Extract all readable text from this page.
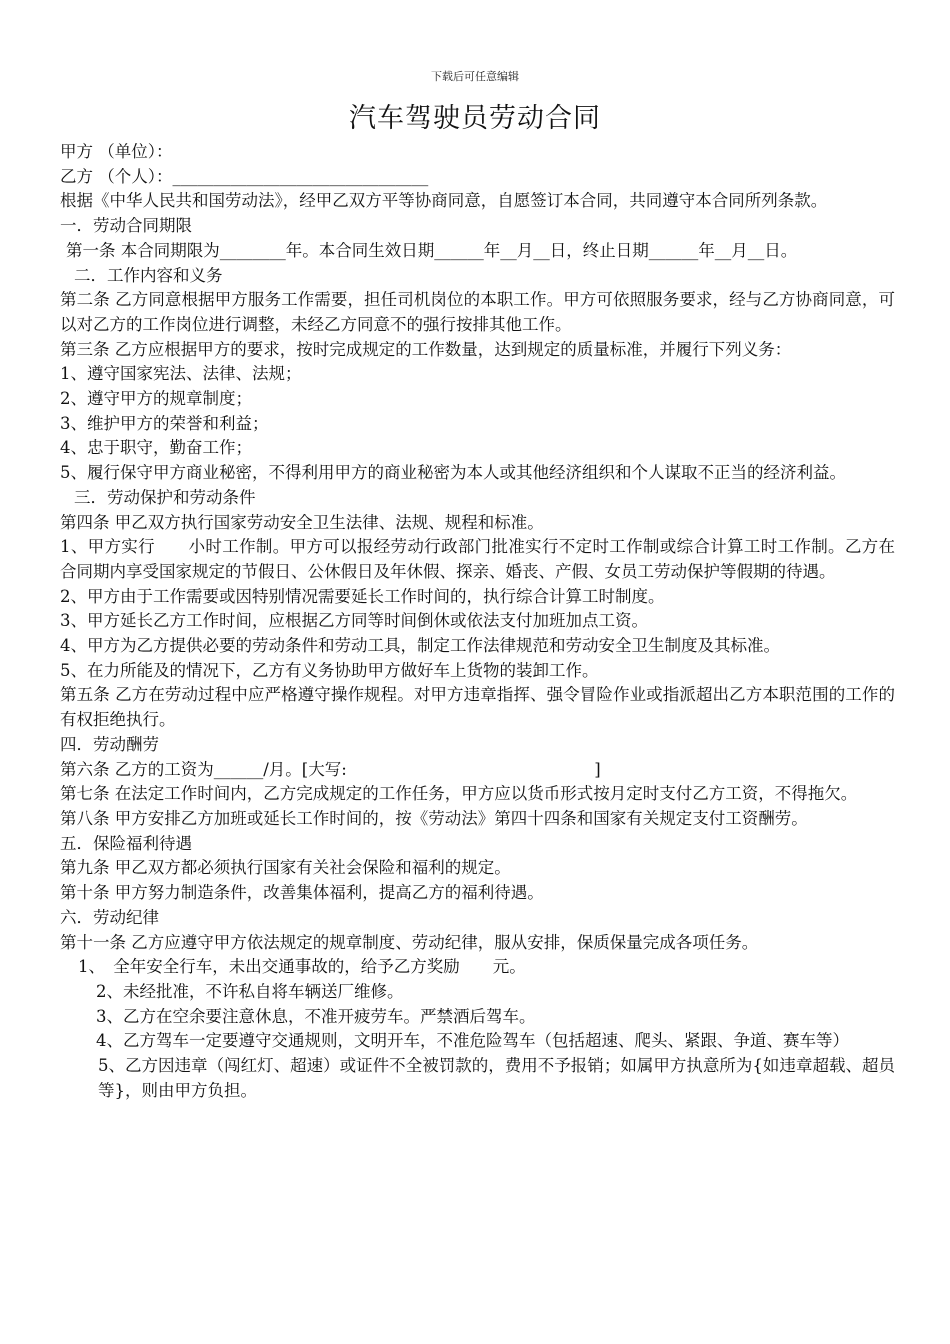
下载后可任意编辑
汽车驾驶员劳动合同
甲方 （单位）：
乙方 （个人）：_______________________________
根据《中华人民共和国劳动法》，经甲乙双方平等协商同意，自愿签订本合同，共同遵守本合同所列条款。
一．劳动合同期限
第一条 本合同期限为________年。本合同生效日期______年__月__日，终止日期______年__月__日。
二．工作内容和义务
第二条 乙方同意根据甲方服务工作需要，担任司机岗位的本职工作。甲方可依照服务要求，经与乙方协商同意，可以对乙方的工作岗位进行调整，未经乙方同意不的强行按排其他工作。
第三条 乙方应根据甲方的要求，按时完成规定的工作数量，达到规定的质量标准，并履行下列义务：
1、遵守国家宪法、法律、法规；
2、遵守甲方的规章制度；
3、维护甲方的荣誉和利益；
4、忠于职守，勤奋工作；
5、履行保守甲方商业秘密，不得利用甲方的商业秘密为本人或其他经济组织和个人谋取不正当的经济利益。
三．劳动保护和劳动条件
第四条 甲乙双方执行国家劳动安全卫生法律、法规、规程和标准。
1、甲方实行　　小时工作制。甲方可以报经劳动行政部门批准实行不定时工作制或综合计算工时工作制。乙方在合同期内享受国家规定的节假日、公休假日及年休假、探亲、婚丧、产假、女员工劳动保护等假期的待遇。
2、甲方由于工作需要或因特别情况需要延长工作时间的，执行综合计算工时制度。
3、甲方延长乙方工作时间，应根据乙方同等时间倒休或依法支付加班加点工资。
4、甲方为乙方提供必要的劳动条件和劳动工具，制定工作法律规范和劳动安全卫生制度及其标准。
5、在力所能及的情况下，乙方有义务协助甲方做好车上货物的装卸工作。
第五条 乙方在劳动过程中应严格遵守操作规程。对甲方违章指挥、强令冒险作业或指派超出乙方本职范围的工作的有权拒绝执行。
四．劳动酬劳
第六条 乙方的工资为______/月。[大写:　　　　　　　　　　　　　　　]
第七条 在法定工作时间内，乙方完成规定的工作任务，甲方应以货币形式按月定时支付乙方工资，不得拖欠。
第八条 甲方安排乙方加班或延长工作时间的，按《劳动法》第四十四条和国家有关规定支付工资酬劳。
五．保险福利待遇
第九条 甲乙双方都必须执行国家有关社会保险和福利的规定。
第十条 甲方努力制造条件，改善集体福利，提高乙方的福利待遇。
六．劳动纪律
第十一条 乙方应遵守甲方依法规定的规章制度、劳动纪律，服从安排，保质保量完成各项任务。
1、　全年安全行车，未出交通事故的，给予乙方奖励　　元。
2、未经批准，不许私自将车辆送厂维修。
3、乙方在空余要注意休息，不准开疲劳车。严禁酒后驾车。
4、乙方驾车一定要遵守交通规则，文明开车，不准危险驾车（包括超速、爬头、紧跟、争道、赛车等）
5、乙方因违章（闯红灯、超速）或证件不全被罚款的，费用不予报销；如属甲方执意所为{如违章超载、超员等}，则由甲方负担。
